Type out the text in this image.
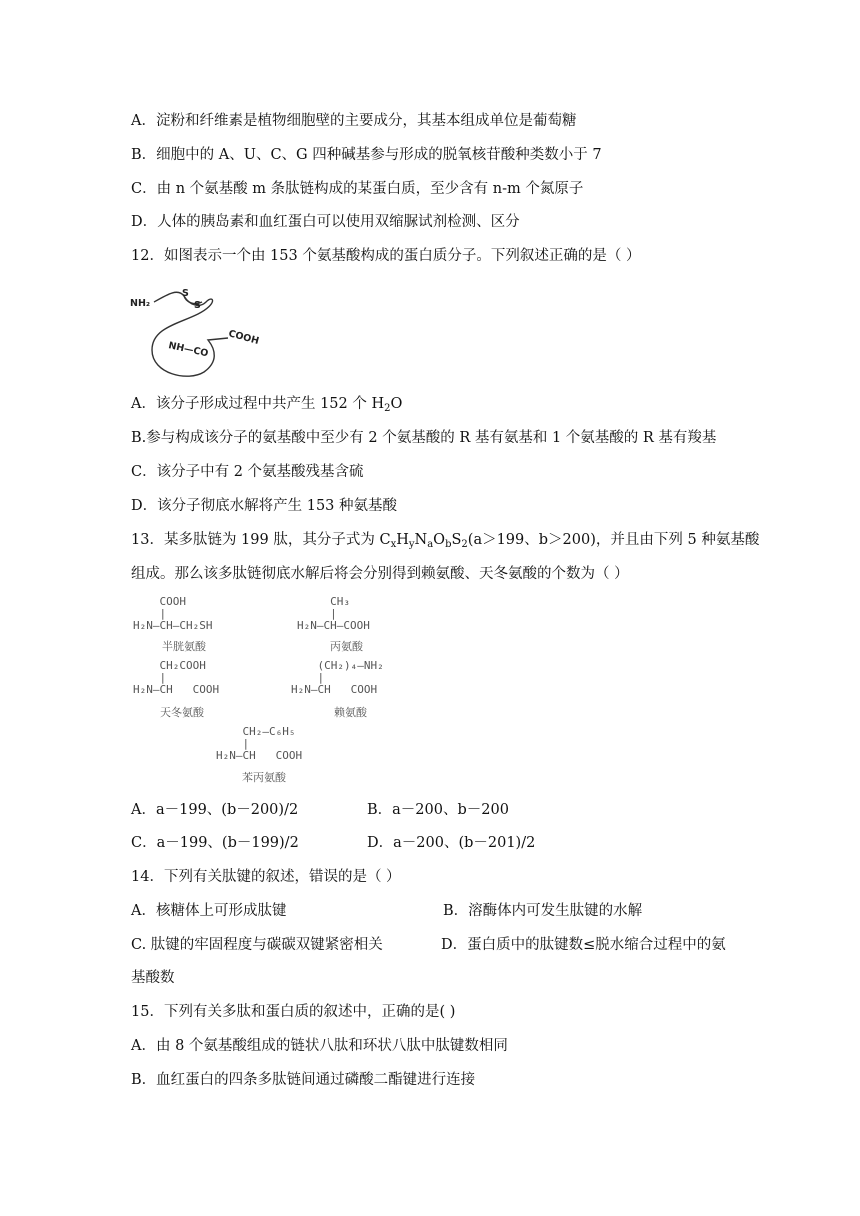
A．淀粉和纤维素是植物细胞壁的主要成分，其基本组成单位是葡萄糖
B．细胞中的 A、U、C、G 四种碱基参与形成的脱氧核苷酸种类数小于 7
C．由 n 个氨基酸 m 条肽链构成的某蛋白质，至少含有 n-m 个氮原子
D．人体的胰岛素和血红蛋白可以使用双缩脲试剂检测、区分
12．如图表示一个由 153 个氨基酸构成的蛋白质分子。下列叙述正确的是（ ）
NH₂
S
S
NH—CO
COOH
A．该分子形成过程中共产生 152 个 $H_2O$
B.参与构成该分子的氨基酸中至少有 2 个氨基酸的 R 基有氨基和 1 个氨基酸的 R 基有羧基
C．该分子中有 2 个氨基酸残基含硫
D．该分子彻底水解将产生 153 种氨基酸
13．某多肽链为 199 肽，其分子式为 $C_xH_yN_aO_bS_2(a>199$、b＞200)，并且由下列 5 种氨基酸
组成。那么该多肽链彻底水解后将会分别得到赖氨酸、天冬氨酸的个数为（ ）
COOH
|
H₂N—CH—CH₂SH
半胱氨酸
CH₃
|
H₂N—CH—COOH
丙氨酸
CH₂COOH
|
H₂N—CH   COOH
天冬氨酸
(CH₂)₄—NH₂
|
H₂N—CH   COOH
赖氨酸
CH₂—C₆H₅
|
H₂N—CH   COOH
苯丙氨酸
A．a－199、(b－200)/2	B．a－200、b－200
C．a－199、(b－199)/2	D．a－200、(b－201)/2
14．下列有关肽键的叙述，错误的是（ ）
A．核糖体上可形成肽键	B．溶酶体内可发生肽键的水解
C. 肽键的牢固程度与碳碳双键紧密相关	D．蛋白质中的肽键数≤脱水缩合过程中的氨
基酸数
15．下列有关多肽和蛋白质的叙述中，正确的是( )
A．由 8 个氨基酸组成的链状八肽和环状八肽中肽键数相同
B．血红蛋白的四条多肽链间通过磷酸二酯键进行连接
